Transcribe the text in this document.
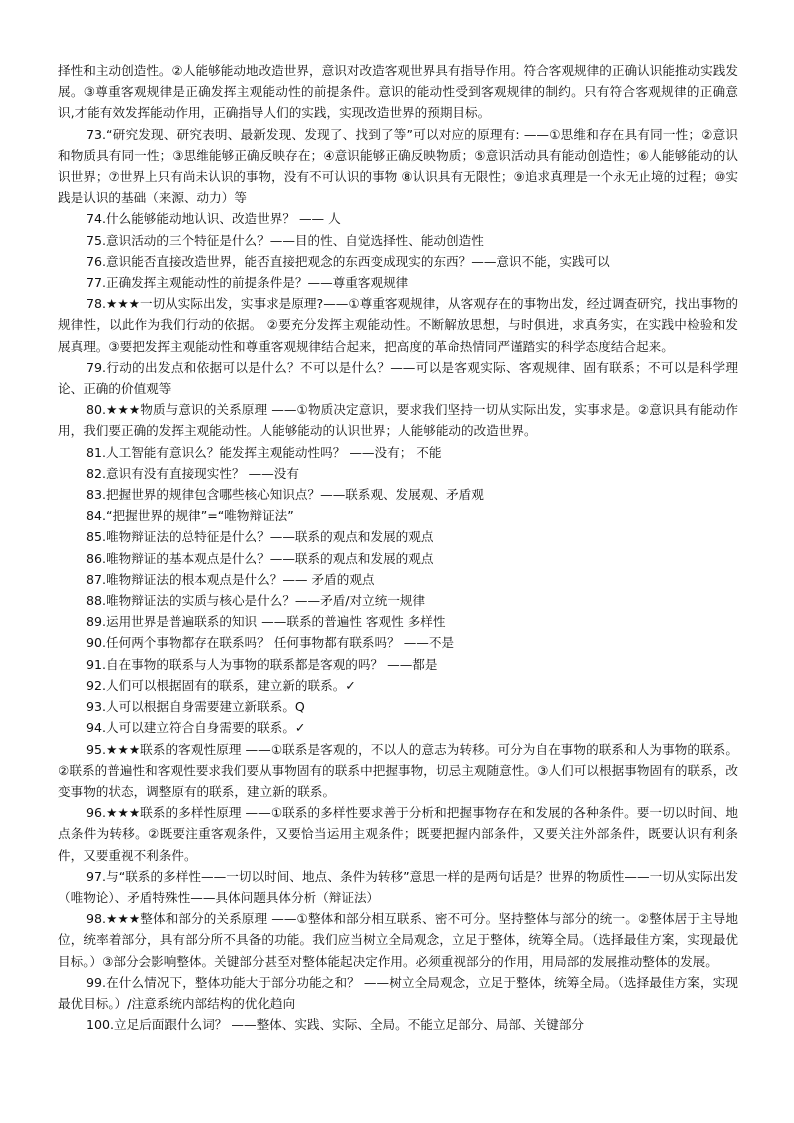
择性和主动创造性。②人能够能动地改造世界，意识对改造客观世界具有指导作用。符合客观规律的正确认识能推动实践发展。③尊重客观规律是正确发挥主观能动性的前提条件。意识的能动性受到客观规律的制约。只有符合客观规律的正确意识,才能有效发挥能动作用，正确指导人们的实践，实现改造世界的预期目标。

73.“研究发现、研究表明、最新发现、发现了、找到了等”可以对应的原理有: ——①思维和存在具有同一性；②意识和物质具有同一性；③思维能够正确反映存在；④意识能够正确反映物质；⑤意识活动具有能动创造性；⑥人能够能动的认识世界；⑦世界上只有尚未认识的事物，没有不可认识的事物 ⑧认识具有无限性；⑨追求真理是一个永无止境的过程；⑩实践是认识的基础（来源、动力）等

74.什么能够能动地认识、改造世界？ —— 人

75.意识活动的三个特征是什么？——目的性、自觉选择性、能动创造性

76.意识能否直接改造世界，能否直接把观念的东西变成现实的东西？——意识不能，实践可以

77.正确发挥主观能动性的前提条件是？——尊重客观规律

78.★★★一切从实际出发，实事求是原理?——①尊重客观规律，从客观存在的事物出发，经过调查研究，找出事物的规律性，以此作为我们行动的依据。 ②要充分发挥主观能动性。不断解放思想，与时俱进，求真务实，在实践中检验和发展真理。③要把发挥主观能动性和尊重客观规律结合起来，把高度的革命热情同严谨踏实的科学态度结合起来。

79.行动的出发点和依据可以是什么？不可以是什么？——可以是客观实际、客观规律、固有联系；不可以是科学理论、正确的价值观等

80.★★★物质与意识的关系原理 ——①物质决定意识，要求我们坚持一切从实际出发，实事求是。②意识具有能动作用，我们要正确的发挥主观能动性。人能够能动的认识世界；人能够能动的改造世界。

81.人工智能有意识么？能发挥主观能动性吗？ ——没有； 不能

82.意识有没有直接现实性？ ——没有

83.把握世界的规律包含哪些核心知识点？——联系观、发展观、矛盾观

84.“把握世界的规律”=“唯物辩证法”

85.唯物辩证法的总特征是什么？——联系的观点和发展的观点

86.唯物辩证的基本观点是什么？——联系的观点和发展的观点

87.唯物辩证法的根本观点是什么？—— 矛盾的观点

88.唯物辩证法的实质与核心是什么？——矛盾/对立统一规律

89.运用世界是普遍联系的知识 ——联系的普遍性 客观性 多样性

90.任何两个事物都存在联系吗？ 任何事物都有联系吗？ ——不是

91.自在事物的联系与人为事物的联系都是客观的吗？ ——都是

92.人们可以根据固有的联系，建立新的联系。✓

93.人可以根据自身需要建立新联系。Q

94.人可以建立符合自身需要的联系。✓

95.★★★联系的客观性原理 ——①联系是客观的，不以人的意志为转移。可分为自在事物的联系和人为事物的联系。②联系的普遍性和客观性要求我们要从事物固有的联系中把握事物，切忌主观随意性。③人们可以根据事物固有的联系，改变事物的状态，调整原有的联系，建立新的联系。

96.★★★联系的多样性原理 ——①联系的多样性要求善于分析和把握事物存在和发展的各种条件。要一切以时间、地点条件为转移。②既要注重客观条件，又要恰当运用主观条件；既要把握内部条件，又要关注外部条件，既要认识有利条件，又要重视不利条件。

97.与“联系的多样性——一切以时间、地点、条件为转移”意思一样的是两句话是？世界的物质性——一切从实际出发（唯物论）、矛盾特殊性——具体问题具体分析（辩证法）

98.★★★整体和部分的关系原理 ——①整体和部分相互联系、密不可分。坚持整体与部分的统一。②整体居于主导地位，统率着部分，具有部分所不具备的功能。我们应当树立全局观念，立足于整体，统筹全局。（选择最佳方案，实现最优目标。）③部分会影响整体。关键部分甚至对整体能起决定作用。必须重视部分的作用，用局部的发展推动整体的发展。

99.在什么情况下，整体功能大于部分功能之和？ ——树立全局观念，立足于整体，统筹全局。（选择最佳方案，实现最优目标。）/注意系统内部结构的优化趋向

100.立足后面跟什么词？ ——整体、实践、实际、全局。不能立足部分、局部、关键部分
